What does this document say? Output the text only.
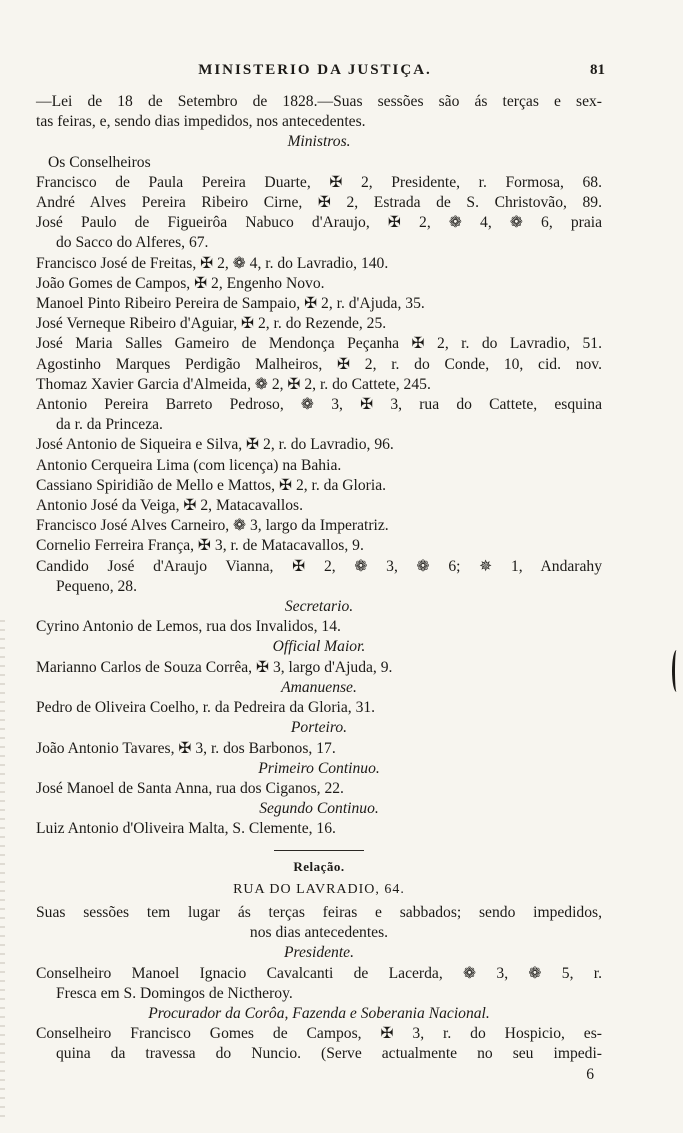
MINISTERIO DA JUSTIÇA.	81
—Lei de 18 de Setembro de 1828.—Suas sessões são ás terças e sex-
tas feiras, e, sendo dias impedidos, nos antecedentes.
Ministros.
Os Conselheiros
Francisco de Paula Pereira Duarte, ✠ 2, Presidente, r. Formosa, 68.
André Alves Pereira Ribeiro Cirne, ✠ 2, Estrada de S. Christovão, 89.
José Paulo de Figueirôa Nabuco d'Araujo, ✠ 2, ❁ 4, ❁ 6, praia
do Sacco do Alferes, 67.
Francisco José de Freitas, ✠ 2, ❁ 4, r. do Lavradio, 140.
João Gomes de Campos, ✠ 2, Engenho Novo.
Manoel Pinto Ribeiro Pereira de Sampaio, ✠ 2, r. d'Ajuda, 35.
José Verneque Ribeiro d'Aguiar, ✠ 2, r. do Rezende, 25.
José Maria Salles Gameiro de Mendonça Peçanha ✠ 2, r. do Lavradio, 51.
Agostinho Marques Perdigão Malheiros, ✠ 2, r. do Conde, 10, cid. nov.
Thomaz Xavier Garcia d'Almeida, ❁ 2, ✠ 2, r. do Cattete, 245.
Antonio Pereira Barreto Pedroso, ❁ 3, ✠ 3, rua do Cattete, esquina
da r. da Princeza.
José Antonio de Siqueira e Silva, ✠ 2, r. do Lavradio, 96.
Antonio Cerqueira Lima (com licença) na Bahia.
Cassiano Spiridião de Mello e Mattos, ✠ 2, r. da Gloria.
Antonio José da Veiga, ✠ 2, Matacavallos.
Francisco José Alves Carneiro, ❁ 3, largo da Imperatriz.
Cornelio Ferreira França, ✠ 3, r. de Matacavallos, 9.
Candido José d'Araujo Vianna, ✠ 2, ❁ 3, ❁ 6; ✵ 1, Andarahy
Pequeno, 28.
Secretario.
Cyrino Antonio de Lemos, rua dos Invalidos, 14.
Official Maior.
Marianno Carlos de Souza Corrêa, ✠ 3, largo d'Ajuda, 9.
Amanuense.
Pedro de Oliveira Coelho, r. da Pedreira da Gloria, 31.
Porteiro.
João Antonio Tavares, ✠ 3, r. dos Barbonos, 17.
Primeiro Continuo.
José Manoel de Santa Anna, rua dos Ciganos, 22.
Segundo Continuo.
Luiz Antonio d'Oliveira Malta, S. Clemente, 16.
Relação.
RUA DO LAVRADIO, 64.
Suas sessões tem lugar ás terças feiras e sabbados; sendo impedidos,
nos dias antecedentes.
Presidente.
Conselheiro Manoel Ignacio Cavalcanti de Lacerda, ❁ 3, ❁ 5, r.
Fresca em S. Domingos de Nictheroy.
Procurador da Corôa, Fazenda e Soberania Nacional.
Conselheiro Francisco Gomes de Campos, ✠ 3, r. do Hospicio, es-
quina da travessa do Nuncio. (Serve actualmente no seu impedi-
6
